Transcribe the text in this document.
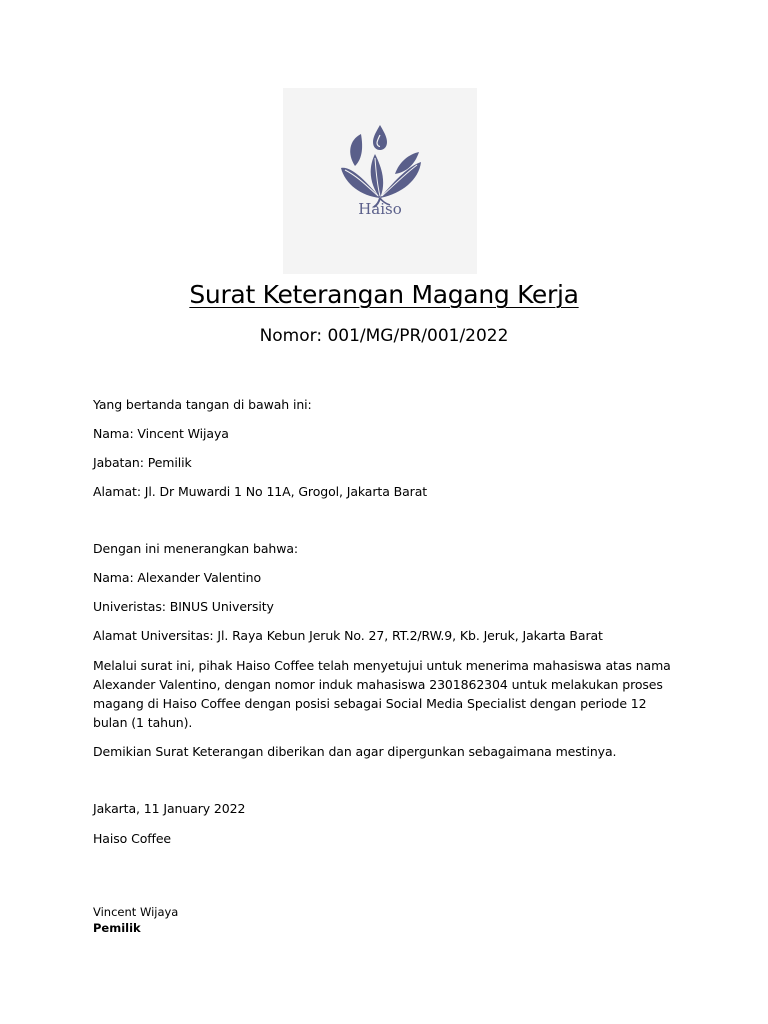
Haiso
Surat Keterangan Magang Kerja
Nomor: 001/MG/PR/001/2022
Yang bertanda tangan di bawah ini:
Nama: Vincent Wijaya
Jabatan: Pemilik
Alamat: Jl. Dr Muwardi 1 No 11A, Grogol, Jakarta Barat
Dengan ini menerangkan bahwa:
Nama: Alexander Valentino
Univeristas: BINUS University
Alamat Universitas: Jl. Raya Kebun Jeruk No. 27, RT.2/RW.9, Kb. Jeruk, Jakarta Barat
Melalui surat ini, pihak Haiso Coffee telah menyetujui untuk menerima mahasiswa atas nama Alexander Valentino, dengan nomor induk mahasiswa 2301862304 untuk melakukan proses magang di Haiso Coffee dengan posisi sebagai Social Media Specialist dengan periode 12 bulan (1 tahun).
Demikian Surat Keterangan diberikan dan agar dipergunkan sebagaimana mestinya.
Jakarta, 11 January 2022
Haiso Coffee
Vincent Wijaya
Pemilik
